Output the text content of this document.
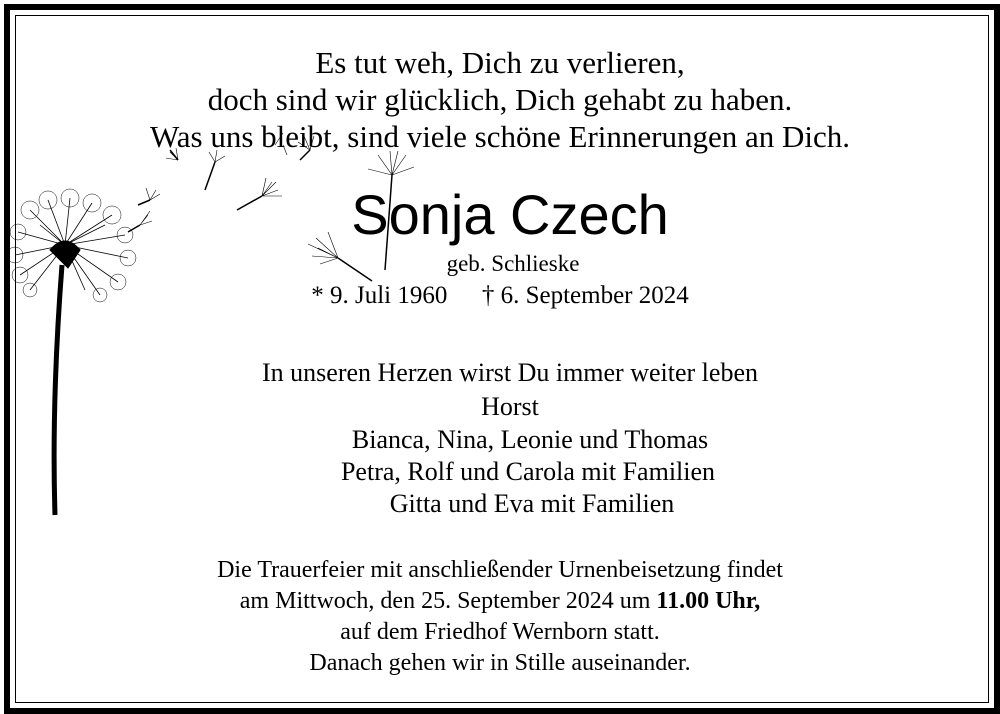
Es tut weh, Dich zu verlieren,
doch sind wir glücklich, Dich gehabt zu haben.
Was uns bleibt, sind viele schöne Erinnerungen an Dich.
Sonja Czech
geb. Schlieske
* 9. Juli 1960 † 6. September 2024
In unseren Herzen wirst Du immer weiter leben
Horst
Bianca, Nina, Leonie und Thomas
Petra, Rolf und Carola mit Familien
Gitta und Eva mit Familien
Die Trauerfeier mit anschließender Urnenbeisetzung findet
am Mittwoch, den 25. September 2024 um 11.00 Uhr,
auf dem Friedhof Wernborn statt.
Danach gehen wir in Stille auseinander.
